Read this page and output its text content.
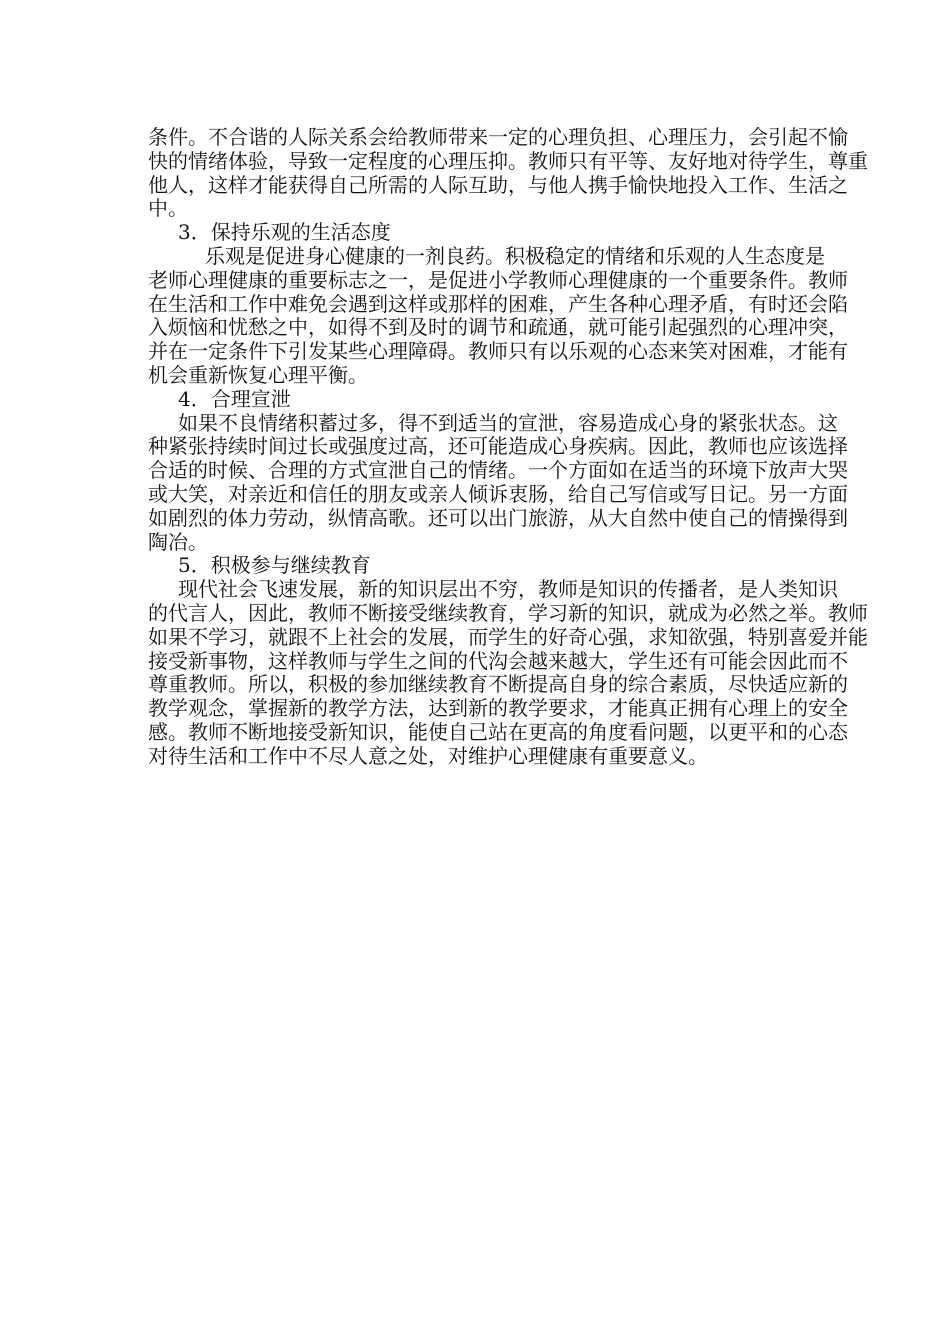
条件。不合谐的人际关系会给教师带来一定的心理负担、心理压力，会引起不愉
快的情绪体验，导致一定程度的心理压抑。教师只有平等、友好地对待学生，尊重
他人，这样才能获得自己所需的人际互助，与他人携手愉快地投入工作、生活之
中。
3．保持乐观的生活态度
乐观是促进身心健康的一剂良药。积极稳定的情绪和乐观的人生态度是
老师心理健康的重要标志之一，是促进小学教师心理健康的一个重要条件。教师
在生活和工作中难免会遇到这样或那样的困难，产生各种心理矛盾，有时还会陷
入烦恼和忧愁之中，如得不到及时的调节和疏通，就可能引起强烈的心理冲突，
并在一定条件下引发某些心理障碍。教师只有以乐观的心态来笑对困难，才能有
机会重新恢复心理平衡。
4．合理宣泄
如果不良情绪积蓄过多，得不到适当的宣泄，容易造成心身的紧张状态。这
种紧张持续时间过长或强度过高，还可能造成心身疾病。因此，教师也应该选择
合适的时候、合理的方式宣泄自己的情绪。一个方面如在适当的环境下放声大哭
或大笑，对亲近和信任的朋友或亲人倾诉衷肠，给自己写信或写日记。另一方面
如剧烈的体力劳动，纵情高歌。还可以出门旅游，从大自然中使自己的情操得到
陶冶。
5．积极参与继续教育
现代社会飞速发展，新的知识层出不穷，教师是知识的传播者，是人类知识
的代言人，因此，教师不断接受继续教育，学习新的知识，就成为必然之举。教师
如果不学习，就跟不上社会的发展，而学生的好奇心强，求知欲强，特别喜爱并能
接受新事物，这样教师与学生之间的代沟会越来越大，学生还有可能会因此而不
尊重教师。所以，积极的参加继续教育不断提高自身的综合素质，尽快适应新的
教学观念，掌握新的教学方法，达到新的教学要求，才能真正拥有心理上的安全
感。教师不断地接受新知识，能使自己站在更高的角度看问题，以更平和的心态
对待生活和工作中不尽人意之处，对维护心理健康有重要意义。
